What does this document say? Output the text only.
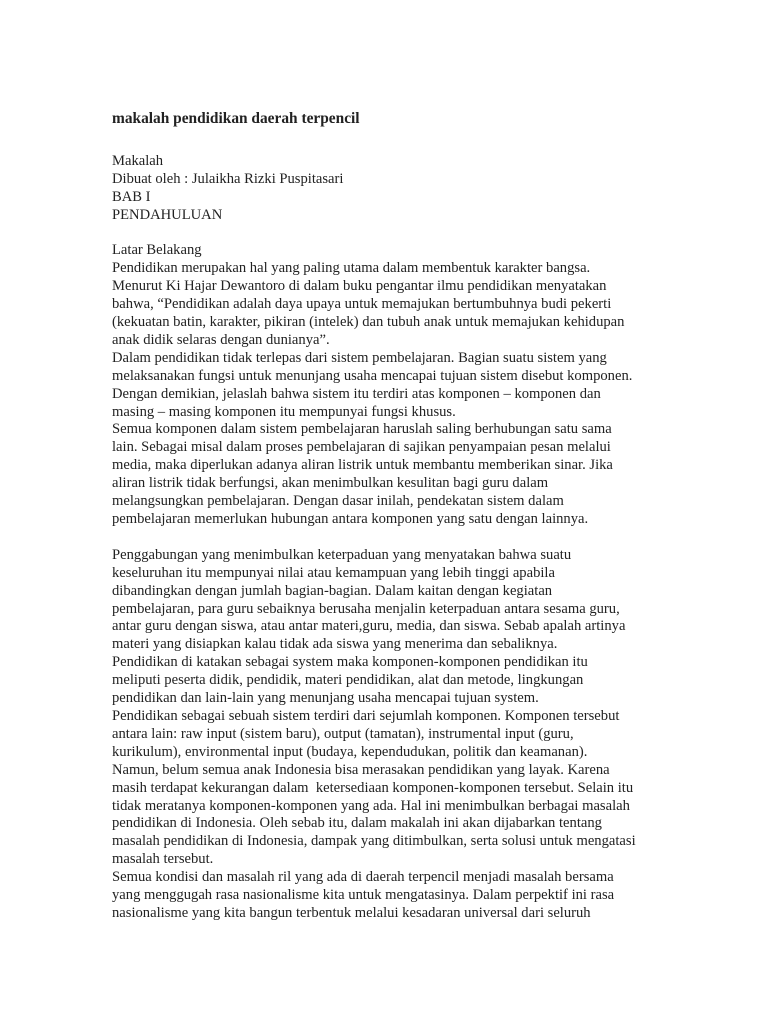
makalah pendidikan daerah terpencil
Makalah
Dibuat oleh : Julaikha Rizki Puspitasari
BAB I
PENDAHULUAN
Latar Belakang
Pendidikan merupakan hal yang paling utama dalam membentuk karakter bangsa.
Menurut Ki Hajar Dewantoro di dalam buku pengantar ilmu pendidikan menyatakan
bahwa, “Pendidikan adalah daya upaya untuk memajukan bertumbuhnya budi pekerti
(kekuatan batin, karakter, pikiran (intelek) dan tubuh anak untuk memajukan kehidupan
anak didik selaras dengan dunianya”.
Dalam pendidikan tidak terlepas dari sistem pembelajaran. Bagian suatu sistem yang
melaksanakan fungsi untuk menunjang usaha mencapai tujuan sistem disebut komponen.
Dengan demikian, jelaslah bahwa sistem itu terdiri atas komponen – komponen dan
masing – masing komponen itu mempunyai fungsi khusus.
Semua komponen dalam sistem pembelajaran haruslah saling berhubungan satu sama
lain. Sebagai misal dalam proses pembelajaran di sajikan penyampaian pesan melalui
media, maka diperlukan adanya aliran listrik untuk membantu memberikan sinar. Jika
aliran listrik tidak berfungsi, akan menimbulkan kesulitan bagi guru dalam
melangsungkan pembelajaran. Dengan dasar inilah, pendekatan sistem dalam
pembelajaran memerlukan hubungan antara komponen yang satu dengan lainnya.
Penggabungan yang menimbulkan keterpaduan yang menyatakan bahwa suatu
keseluruhan itu mempunyai nilai atau kemampuan yang lebih tinggi apabila
dibandingkan dengan jumlah bagian-bagian. Dalam kaitan dengan kegiatan
pembelajaran, para guru sebaiknya berusaha menjalin keterpaduan antara sesama guru,
antar guru dengan siswa, atau antar materi,guru, media, dan siswa. Sebab apalah artinya
materi yang disiapkan kalau tidak ada siswa yang menerima dan sebaliknya.
Pendidikan di katakan sebagai system maka komponen-komponen pendidikan itu
meliputi peserta didik, pendidik, materi pendidikan, alat dan metode, lingkungan
pendidikan dan lain-lain yang menunjang usaha mencapai tujuan system.
Pendidikan sebagai sebuah sistem terdiri dari sejumlah komponen. Komponen tersebut
antara lain: raw input (sistem baru), output (tamatan), instrumental input (guru,
kurikulum), environmental input (budaya, kependudukan, politik dan keamanan).
Namun, belum semua anak Indonesia bisa merasakan pendidikan yang layak. Karena
masih terdapat kekurangan dalam  ketersediaan komponen-komponen tersebut. Selain itu
tidak meratanya komponen-komponen yang ada. Hal ini menimbulkan berbagai masalah
pendidikan di Indonesia. Oleh sebab itu, dalam makalah ini akan dijabarkan tentang
masalah pendidikan di Indonesia, dampak yang ditimbulkan, serta solusi untuk mengatasi
masalah tersebut.
Semua kondisi dan masalah ril yang ada di daerah terpencil menjadi masalah bersama
yang menggugah rasa nasionalisme kita untuk mengatasinya. Dalam perpektif ini rasa
nasionalisme yang kita bangun terbentuk melalui kesadaran universal dari seluruh
